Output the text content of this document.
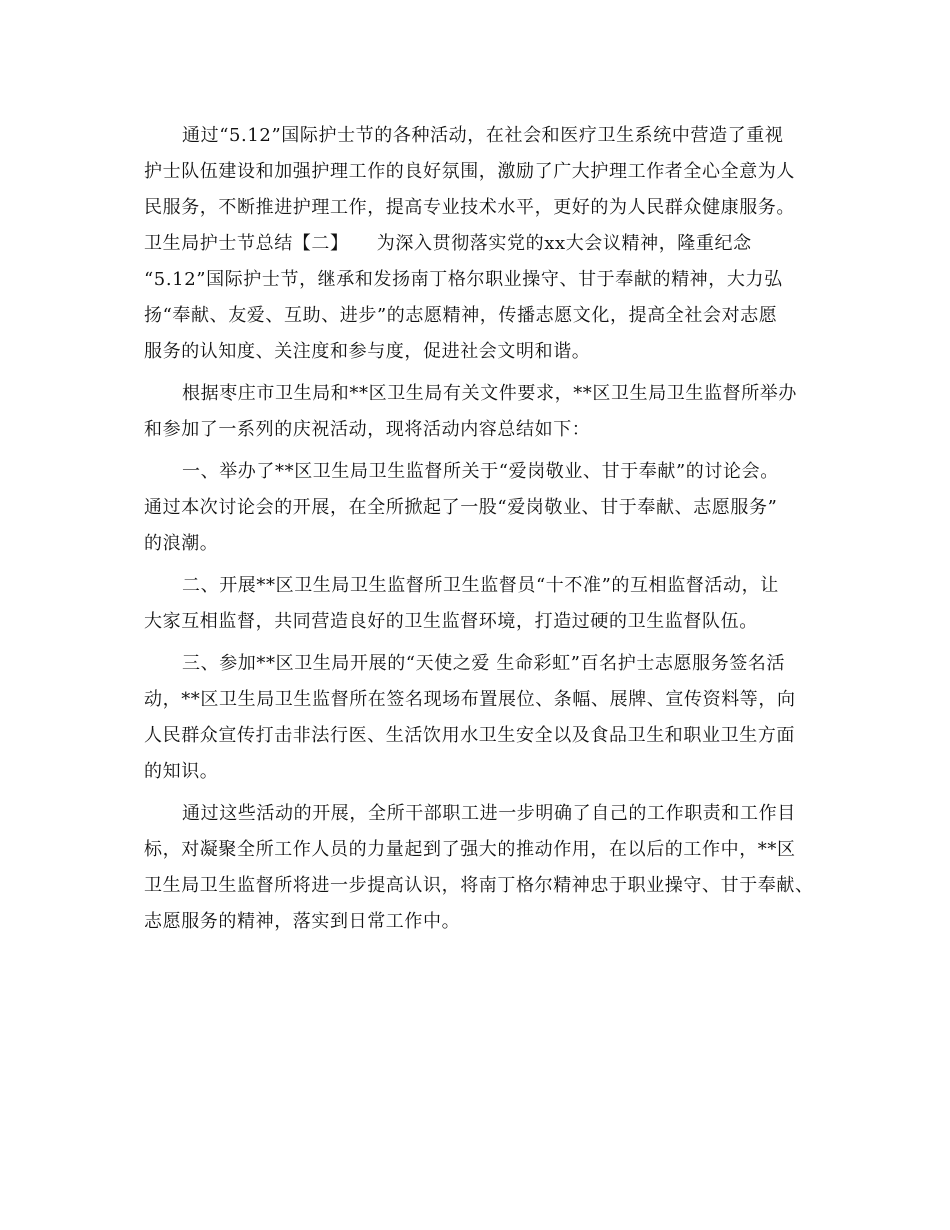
通过“5.12”国际护士节的各种活动，在社会和医疗卫生系统中营造了重视
护士队伍建设和加强护理工作的良好氛围，激励了广大护理工作者全心全意为人
民服务，不断推进护理工作，提高专业技术水平，更好的为人民群众健康服务。
卫生局护士节总结【二】　　为深入贯彻落实党的xx大会议精神，隆重纪念
“5.12”国际护士节，继承和发扬南丁格尔职业操守、甘于奉献的精神，大力弘
扬“奉献、友爱、互助、进步”的志愿精神，传播志愿文化，提高全社会对志愿
服务的认知度、关注度和参与度，促进社会文明和谐。
根据枣庄市卫生局和**区卫生局有关文件要求，**区卫生局卫生监督所举办
和参加了一系列的庆祝活动，现将活动内容总结如下：
一、举办了**区卫生局卫生监督所关于“爱岗敬业、甘于奉献”的讨论会。
通过本次讨论会的开展，在全所掀起了一股“爱岗敬业、甘于奉献、志愿服务”
的浪潮。
二、开展**区卫生局卫生监督所卫生监督员“十不准”的互相监督活动，让
大家互相监督，共同营造良好的卫生监督环境，打造过硬的卫生监督队伍。
三、参加**区卫生局开展的“天使之爱 生命彩虹”百名护士志愿服务签名活
动，**区卫生局卫生监督所在签名现场布置展位、条幅、展牌、宣传资料等，向
人民群众宣传打击非法行医、生活饮用水卫生安全以及食品卫生和职业卫生方面
的知识。
通过这些活动的开展，全所干部职工进一步明确了自己的工作职责和工作目
标，对凝聚全所工作人员的力量起到了强大的推动作用，在以后的工作中，**区
卫生局卫生监督所将进一步提高认识，将南丁格尔精神忠于职业操守、甘于奉献、
志愿服务的精神，落实到日常工作中。
